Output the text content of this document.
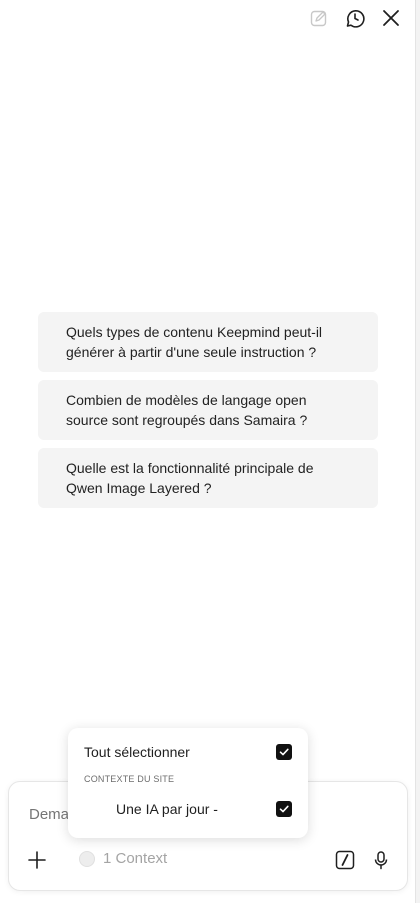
Quels types de contenu Keepmind peut-il générer à partir d'une seule instruction ?
Combien de modèles de langage open source sont regroupés dans Samaira ?
Quelle est la fonctionnalité principale de Qwen Image Layered ?
Demande
1 Context
Tout sélectionner
CONTEXTE DU SITE
Une IA par jour -
